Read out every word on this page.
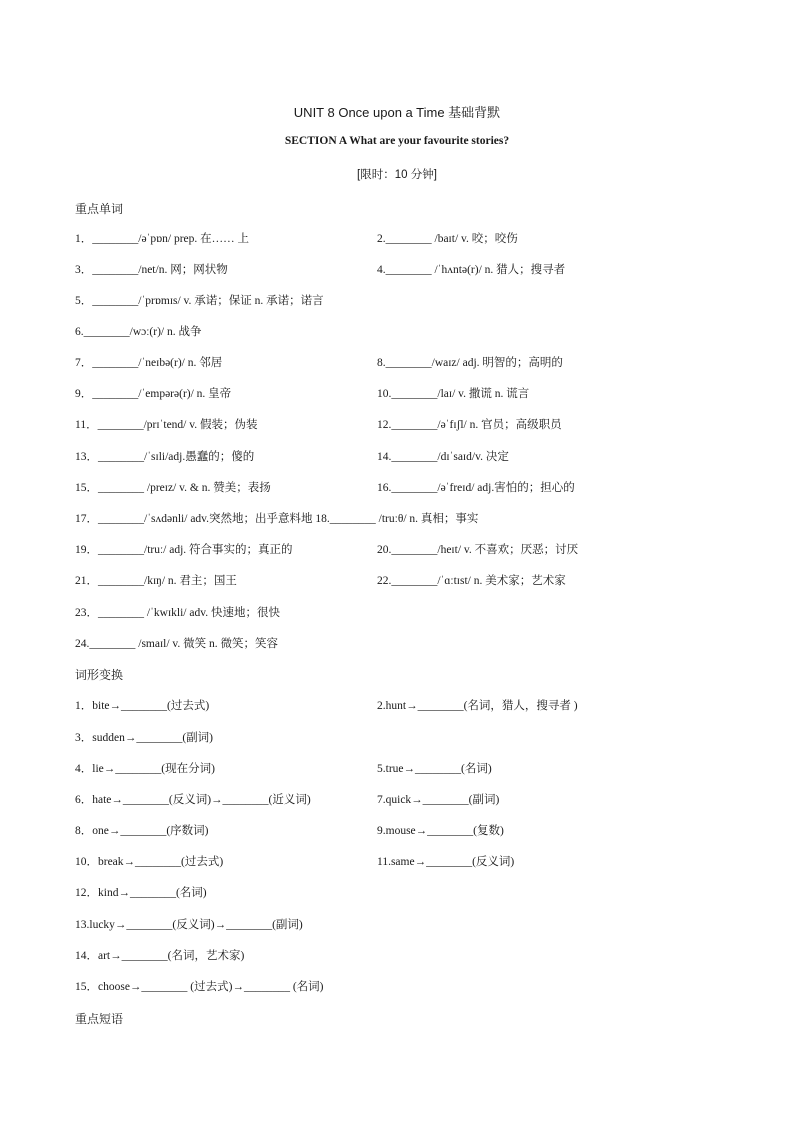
UNIT 8 Once upon a Time 基础背默
SECTION A What are your favourite stories?
[限时：10 分钟]
重点单词
1．________/əˈpɒn/ prep. 在…… 上	2.________ /baɪt/ v. 咬；咬伤
3．________/net/n. 网；网状物	4.________ /ˈhʌntə(r)/ n. 猎人；搜寻者
5．________/ˈprɒmɪs/ v. 承诺；保证 n. 承诺；诺言
6.________/wɔː(r)/ n. 战争
7．________/ˈneɪbə(r)/ n. 邻居	8.________/waɪz/ adj. 明智的；高明的
9．________/ˈempərə(r)/ n. 皇帝	10.________/laɪ/ v. 撒谎 n. 谎言
11．________/prɪˈtend/ v. 假装；伪装	12.________/əˈfɪʃl/ n. 官员；高级职员
13．________/ˈsɪli/adj.愚蠢的；傻的	14.________/dɪˈsaɪd/v. 决定
15．________ /preɪz/ v. & n. 赞美；表扬	16.________/əˈfreɪd/ adj.害怕的；担心的
17．________/ˈsʌdənli/ adv.突然地；出乎意料地 18.________ /truːθ/ n. 真相；事实
19．________/truː/ adj. 符合事实的；真正的	20.________/heɪt/ v. 不喜欢；厌恶；讨厌
21．________/kɪŋ/ n. 君主；国王	22.________/ˈɑːtɪst/ n. 美术家；艺术家
23．________ /ˈkwɪkli/ adv. 快速地；很快
24.________ /smaɪl/ v. 微笑 n. 微笑；笑容
词形变换
1．bite→________(过去式)	2.hunt→________(名词，猎人，搜寻者 )
3．sudden→________(副词)
4．lie→________(现在分词)	5.true→________(名词)
6．hate→________(反义词)→________(近义词)	7.quick→________(副词)
8．one→________(序数词)	9.mouse→________(复数)
10．break→________(过去式)	11.same→________(反义词)
12．kind→________(名词)
13.lucky→________(反义词)→________(副词)
14．art→________(名词，艺术家)
15．choose→________ (过去式)→________ (名词)
重点短语
